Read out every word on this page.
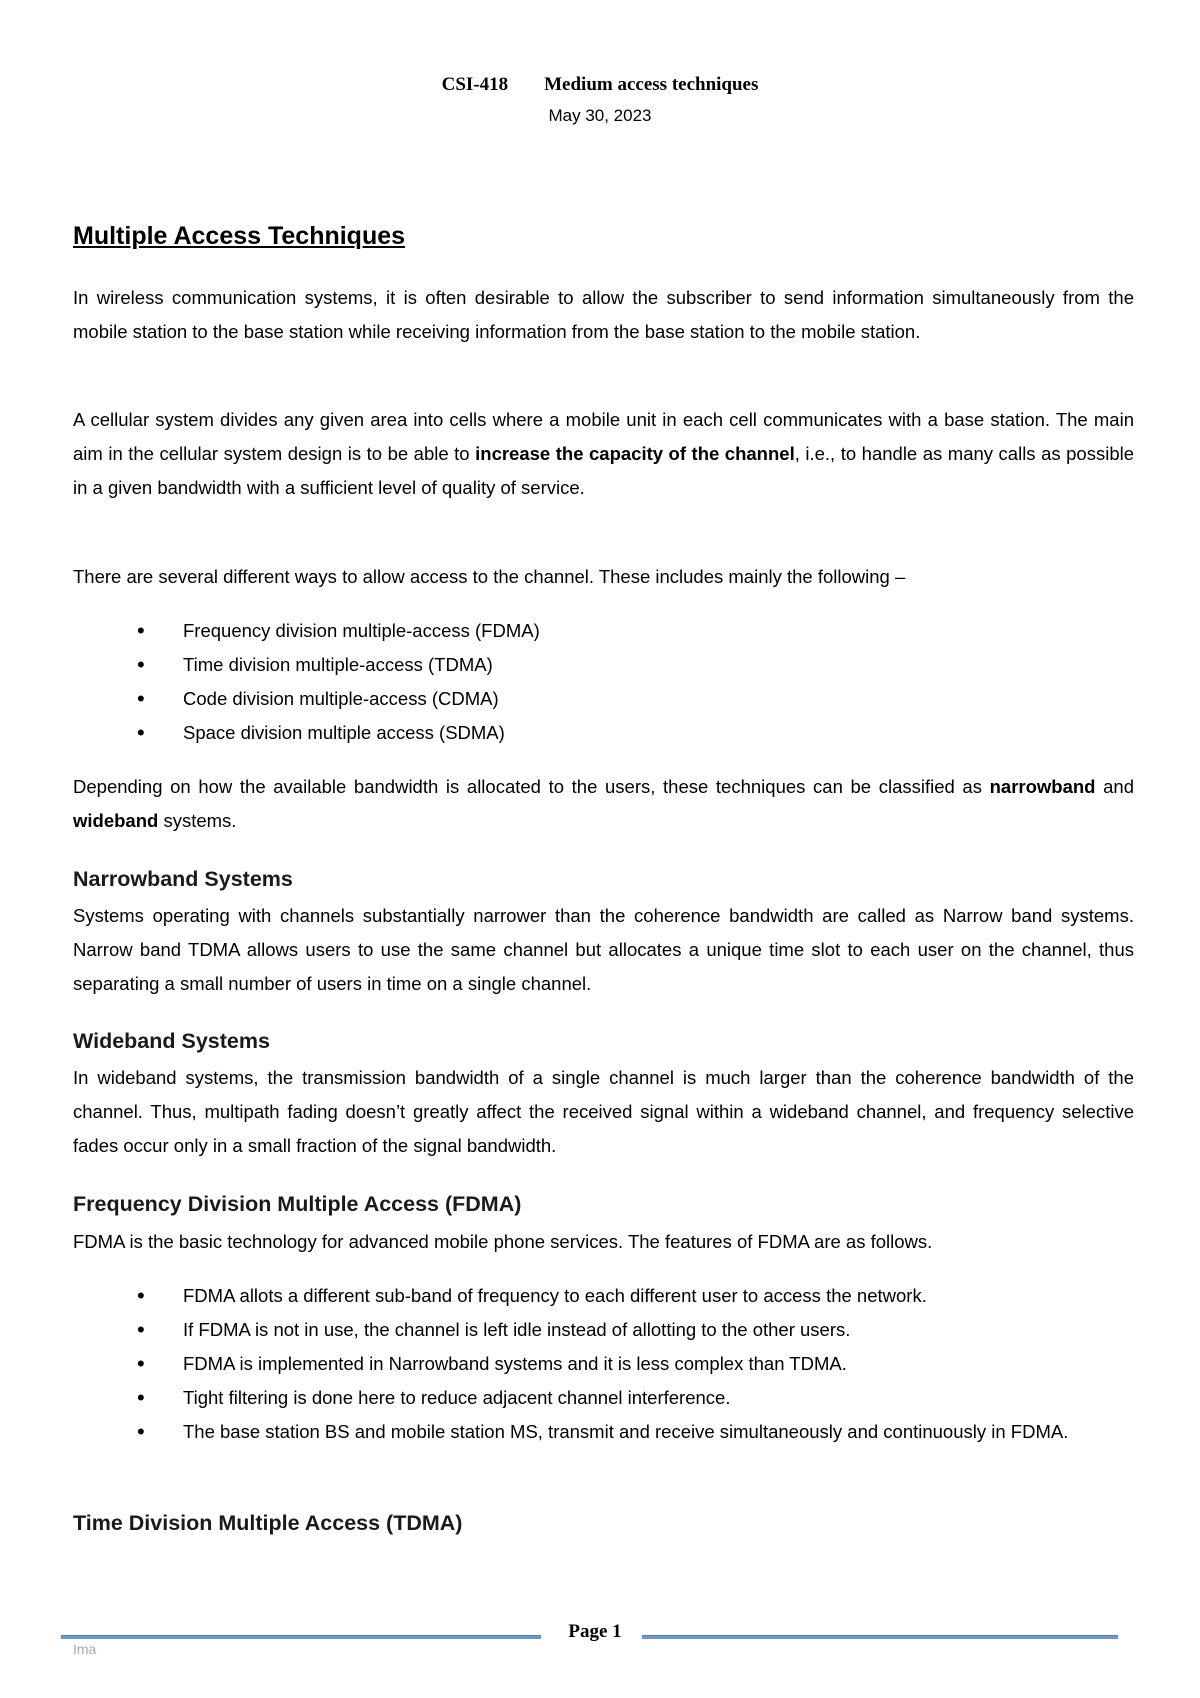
CSI-418 Medium access techniques
May 30, 2023
Multiple Access Techniques
In wireless communication systems, it is often desirable to allow the subscriber to send information simultaneously from the mobile station to the base station while receiving information from the base station to the mobile station.
A cellular system divides any given area into cells where a mobile unit in each cell communicates with a base station. The main aim in the cellular system design is to be able to increase the capacity of the channel, i.e., to handle as many calls as possible in a given bandwidth with a sufficient level of quality of service.
There are several different ways to allow access to the channel. These includes mainly the following –
• Frequency division multiple-access (FDMA)
• Time division multiple-access (TDMA)
• Code division multiple-access (CDMA)
• Space division multiple access (SDMA)
Depending on how the available bandwidth is allocated to the users, these techniques can be classified as narrowband and wideband systems.
Narrowband Systems
Systems operating with channels substantially narrower than the coherence bandwidth are called as Narrow band systems. Narrow band TDMA allows users to use the same channel but allocates a unique time slot to each user on the channel, thus separating a small number of users in time on a single channel.
Wideband Systems
In wideband systems, the transmission bandwidth of a single channel is much larger than the coherence bandwidth of the channel. Thus, multipath fading doesn’t greatly affect the received signal within a wideband channel, and frequency selective fades occur only in a small fraction of the signal bandwidth.
Frequency Division Multiple Access (FDMA)
FDMA is the basic technology for advanced mobile phone services. The features of FDMA are as follows.
• FDMA allots a different sub-band of frequency to each different user to access the network.
• If FDMA is not in use, the channel is left idle instead of allotting to the other users.
• FDMA is implemented in Narrowband systems and it is less complex than TDMA.
• Tight filtering is done here to reduce adjacent channel interference.
• The base station BS and mobile station MS, transmit and receive simultaneously and continuously in FDMA.
Time Division Multiple Access (TDMA)
Page 1
Ima
